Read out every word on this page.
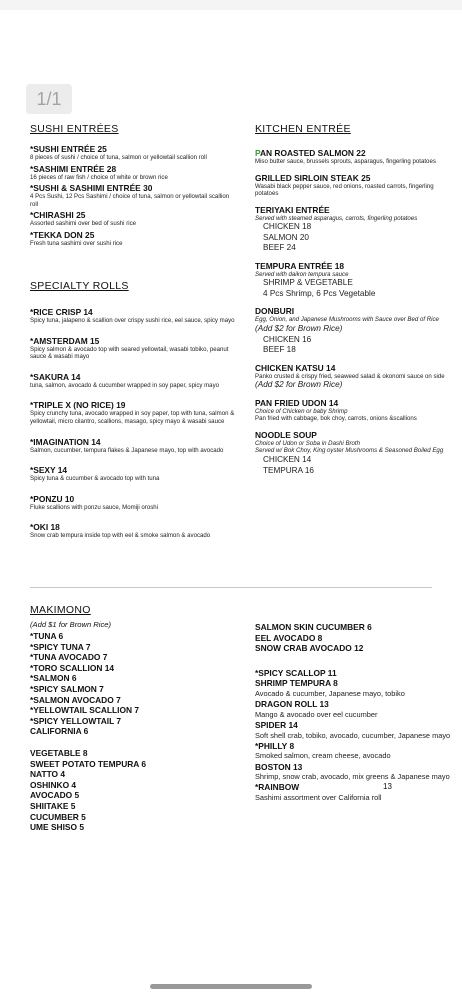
1/1
SUSHI ENTRÉES
*SUSHI ENTRÉE 25
8 pieces of sushi / choice of tuna, salmon or yellowtail scallion roll
*SASHIMI ENTRÉE 28
16 pieces of raw fish / choice of white or brown rice
*SUSHI & SASHIMI ENTRÉE 30
4 Pcs Sushi, 12 Pcs Sashimi / choice of tuna, salmon or yellowtail scallion roll
*CHIRASHI 25
Assorted sashimi over bed of sushi rice
*TEKKA DON 25
Fresh tuna sashimi over sushi rice
SPECIALTY ROLLS
*RICE CRISP 14
Spicy tuna, jalapeno & scallion over crispy sushi rice, eel sauce, spicy mayo
*AMSTERDAM 15
Spicy salmon & avocado top with seared yellowtail, wasabi tobiko, peanut sauce & wasabi mayo
*SAKURA 14
tuna, salmon, avocado & cucumber wrapped in soy paper, spicy mayo
*TRIPLE X (NO RICE) 19
Spicy crunchy tuna, avocado wrapped in soy paper, top with tuna, salmon & yellowtail, micro cilantro, scallions, masago, spicy mayo & wasabi sauce
*IMAGINATION 14
Salmon, cucumber, tempura flakes & Japanese mayo, top with avocado
*SEXY 14
Spicy tuna & cucumber & avocado top with tuna
*PONZU 10
Fluke scallions with ponzu sauce, Momiji oroshi
*OKI 18
Snow crab tempura inside top with eel & smoke salmon & avocado
KITCHEN ENTRÉE
PAN ROASTED SALMON 22
Miso butter sauce, brussels sprouts, asparagus, fingerling potatoes
GRILLED SIRLOIN STEAK 25
Wasabi black pepper sauce, red onions, roasted carrots, fingerling potatoes
TERIYAKI ENTRÉE
Served with steamed asparagus, carrots, fingerling potatoes
CHICKEN 18
SALMON 20
BEEF 24
TEMPURA ENTRÉE 18
Served with daikon tempura sauce
SHRIMP & VEGETABLE
4 Pcs Shrimp, 6 Pcs Vegetable
DONBURI
Egg, Onion, and Japanese Mushrooms with Sauce over Bed of Rice
(Add $2 for Brown Rice)
CHICKEN 16
BEEF 18
CHICKEN KATSU 14
Panko crusted & crispy fried, seaweed salad & okonomi sauce on side
(Add $2 for Brown Rice)
PAN FRIED UDON 14
Choice of Chicken or baby Shrimp
Pan fried with cabbage, bok choy, carrots, onions &scallions
NOODLE SOUP
Choice of Udon or Soba in Dashi Broth
Served w/ Bok Choy, King oyster Mushrooms & Seasoned Boiled Egg
CHICKEN 14
TEMPURA 16
MAKIMONO
(Add $1 for Brown Rice)
*TUNA 6
*SPICY TUNA 7
*TUNA AVOCADO 7
*TORO SCALLION 14
*SALMON 6
*SPICY SALMON 7
*SALMON AVOCADO 7
*YELLOWTAIL SCALLION 7
*SPICY YELLOWTAIL 7
CALIFORNIA 6
VEGETABLE 8
SWEET POTATO TEMPURA 6
NATTO 4
OSHINKO 4
AVOCADO 5
SHIITAKE 5
CUCUMBER 5
UME SHISO 5
SALMON SKIN CUCUMBER 6
EEL AVOCADO 8
SNOW CRAB AVOCADO 12
*SPICY SCALLOP 11
SHRIMP TEMPURA 8
Avocado & cucumber, Japanese mayo, tobiko
DRAGON ROLL 13
Mango & avocado over eel cucumber
SPIDER 14
Soft shell crab, tobiko, avocado, cucumber, Japanese mayo
*PHILLY 8
Smoked salmon, cream cheese, avocado
BOSTON 13
Shrimp, snow crab, avocado, mix greens & Japanese mayo
*RAINBOW	13
Sashimi assortment over California roll
